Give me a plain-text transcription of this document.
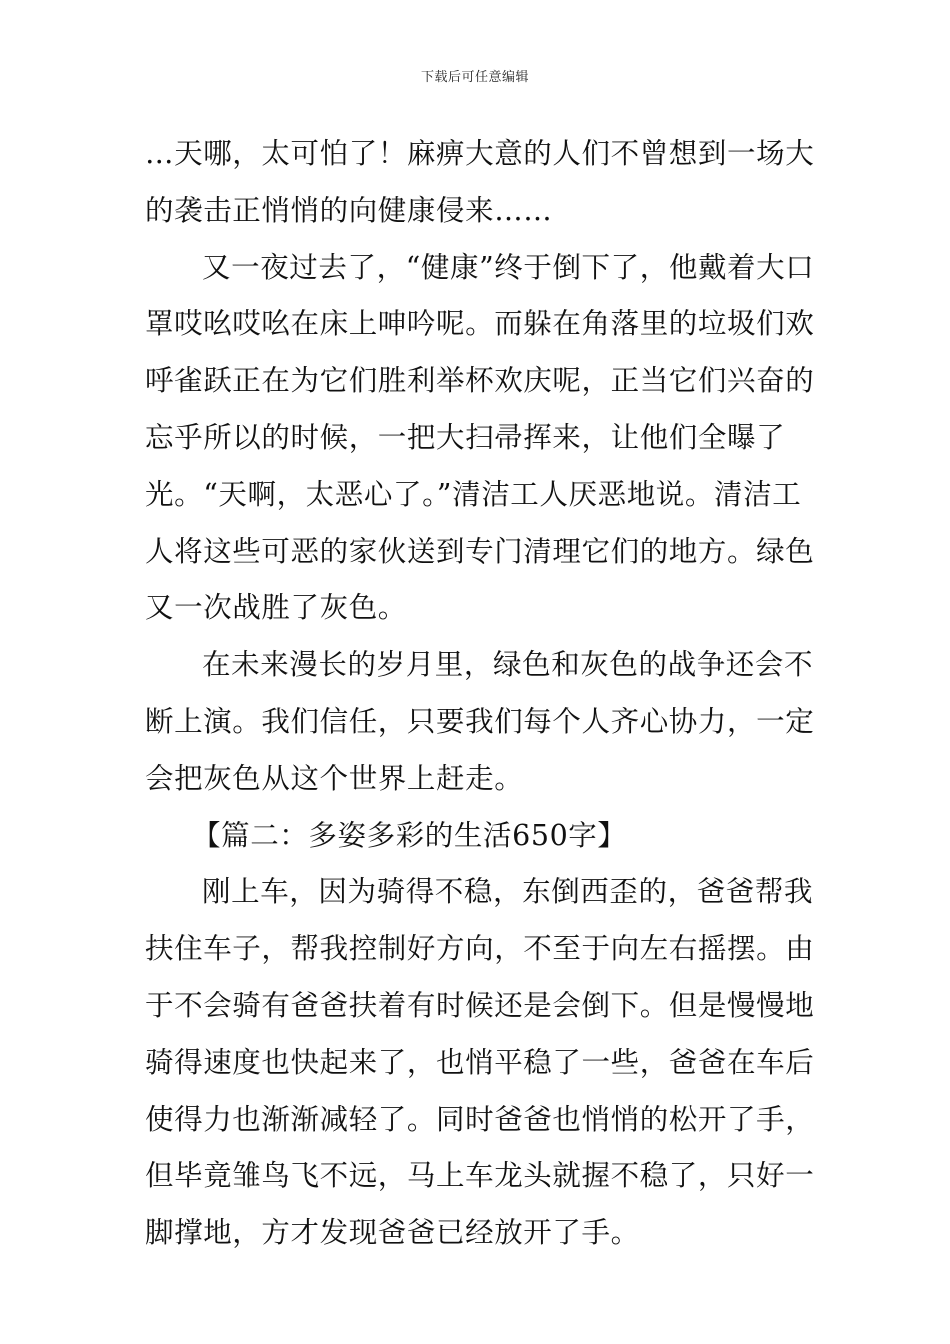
下载后可任意编辑

…天哪，太可怕了！麻痹大意的人们不曾想到一场大的袭击正悄悄的向健康侵来……

又一夜过去了，“健康”终于倒下了，他戴着大口罩哎吆哎吆在床上呻吟呢。而躲在角落里的垃圾们欢呼雀跃正在为它们胜利举杯欢庆呢，正当它们兴奋的忘乎所以的时候，一把大扫帚挥来，让他们全曝了光。“天啊，太恶心了。”清洁工人厌恶地说。清洁工人将这些可恶的家伙送到专门清理它们的地方。绿色又一次战胜了灰色。

在未来漫长的岁月里，绿色和灰色的战争还会不断上演。我们信任，只要我们每个人齐心协力，一定会把灰色从这个世界上赶走。

【篇二：多姿多彩的生活650字】

刚上车，因为骑得不稳，东倒西歪的，爸爸帮我扶住车子，帮我控制好方向，不至于向左右摇摆。由于不会骑有爸爸扶着有时候还是会倒下。但是慢慢地骑得速度也快起来了，也悄平稳了一些，爸爸在车后使得力也渐渐减轻了。同时爸爸也悄悄的松开了手，但毕竟雏鸟飞不远，马上车龙头就握不稳了，只好一脚撑地，方才发现爸爸已经放开了手。
